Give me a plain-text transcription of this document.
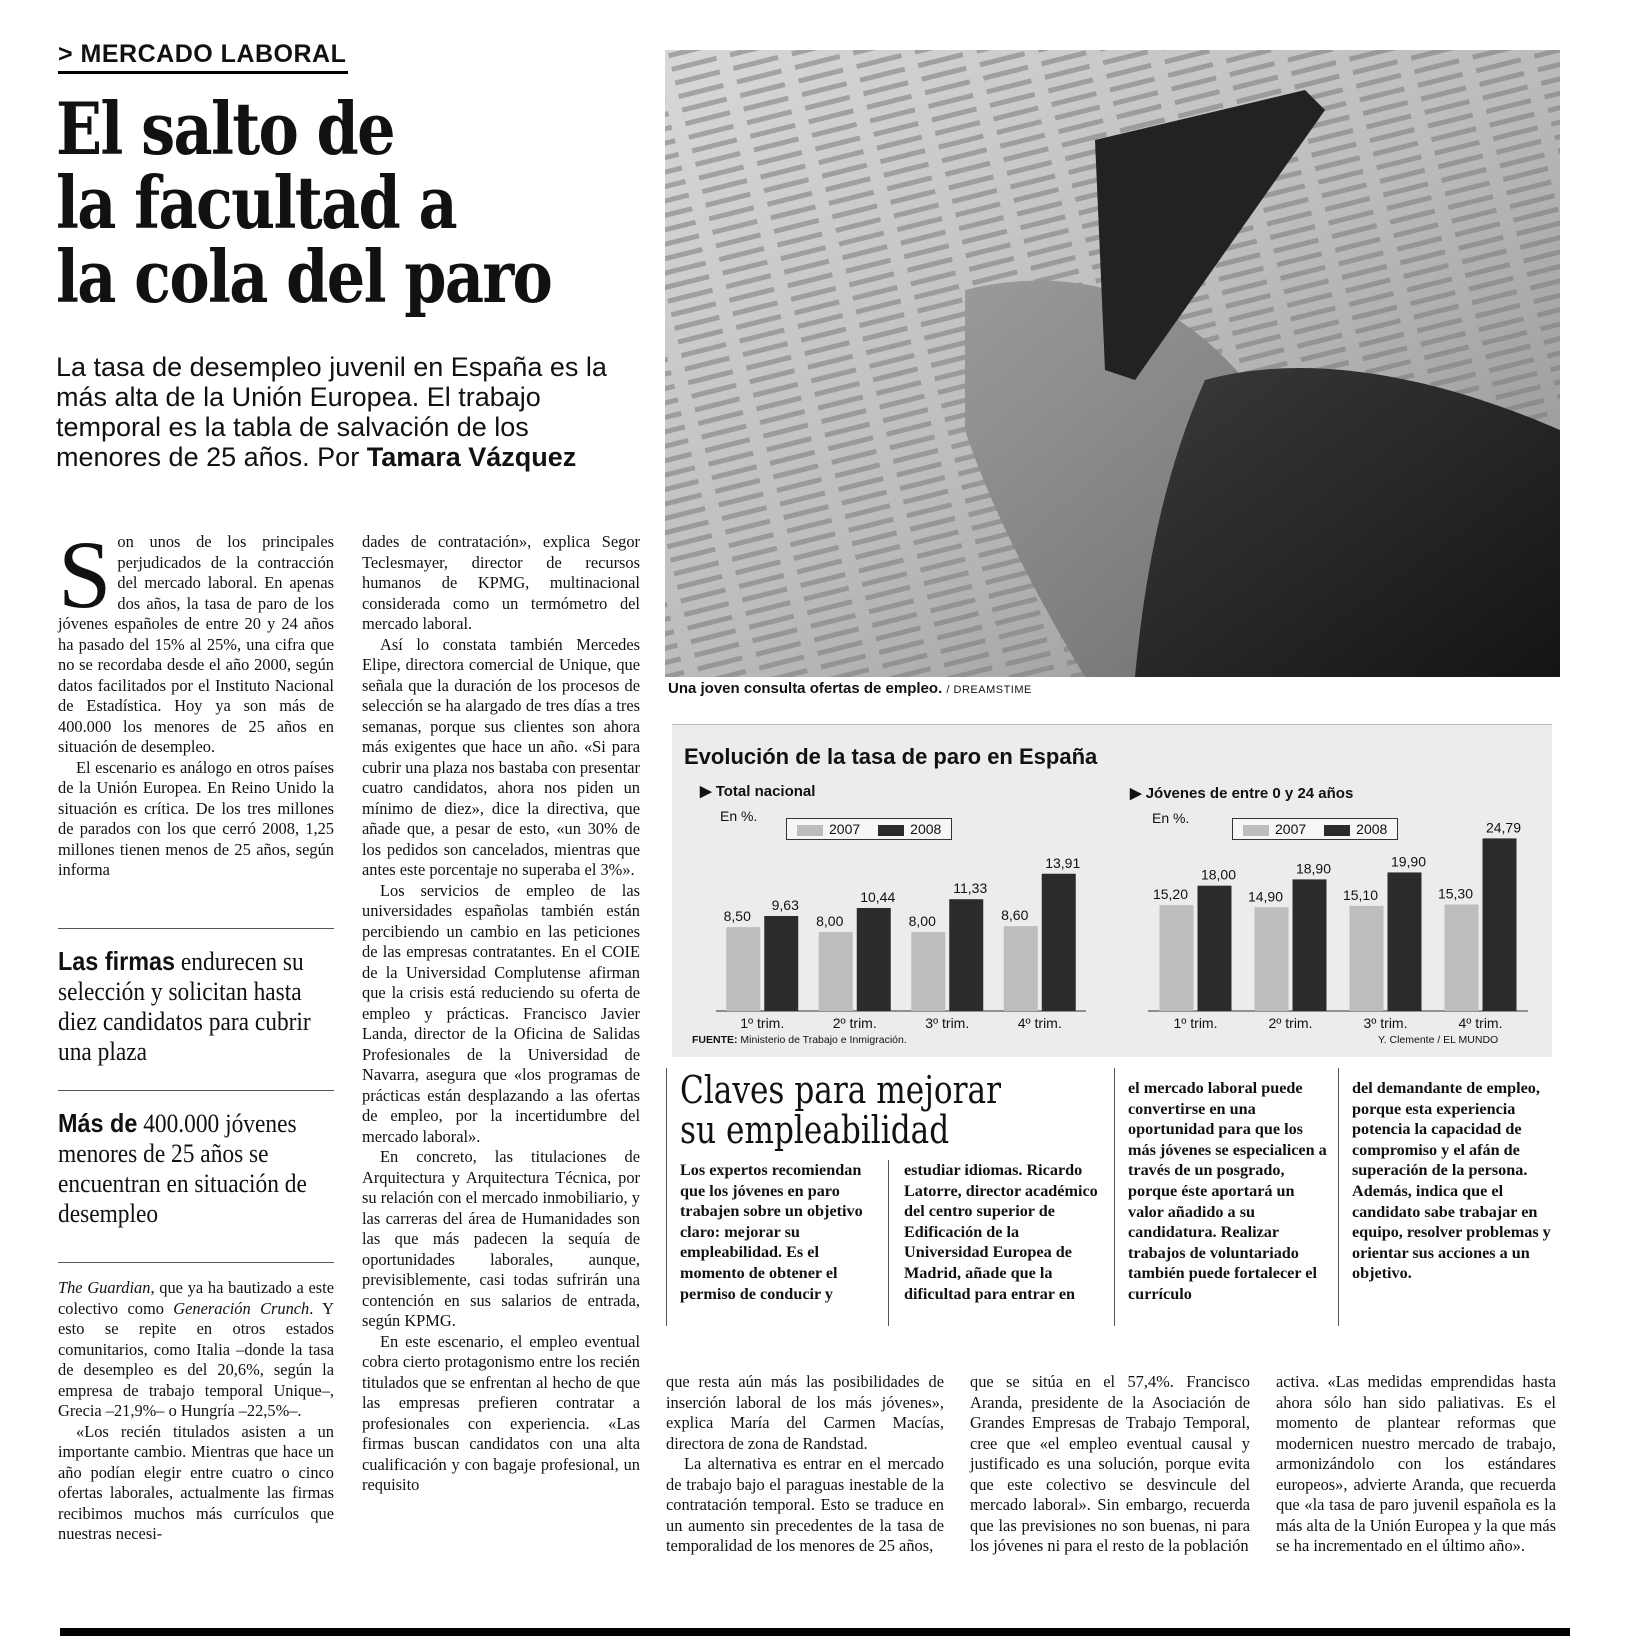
> MERCADO LABORAL
El salto de
la facultad a
la cola del paro
La tasa de desempleo juvenil en España es la más alta de la Unión Europea. El trabajo temporal es la tabla de salvación de los menores de 25 años. Por Tamara Vázquez

Son unos de los principales perjudicados de la contracción del mercado laboral. En apenas dos años, la tasa de paro de los jóvenes españoles de entre 20 y 24 años ha pasado del 15% al 25%, una cifra que no se recordaba desde el año 2000, según datos facilitados por el Instituto Nacional de Estadística. Hoy ya son más de 400.000 los menores de 25 años en situación de desempleo.

El escenario es análogo en otros países de la Unión Europea. En Reino Unido la situación es crítica. De los tres millones de parados con los que cerró 2008, 1,25 millones tienen menos de 25 años, según informa

Las firmas endurecen su selección y solicitan hasta diez candidatos para cubrir una plaza
Más de 400.000 jóvenes menores de 25 años se encuentran en situación de desempleo

The Guardian, que ya ha bautizado a este colectivo como Generación Crunch. Y esto se repite en otros estados comunitarios, como Italia –donde la tasa de desempleo es del 20,6%, según la empresa de trabajo temporal Unique–, Grecia –21,9%– o Hungría –22,5%–.

«Los recién titulados asisten a un importante cambio. Mientras que hace un año podían elegir entre cuatro o cinco ofertas laborales, actualmente las firmas recibimos muchos más currículos que nuestras necesi-

dades de contratación», explica Segor Teclesmayer, director de recursos humanos de KPMG, multinacional considerada como un termómetro del mercado laboral.

Así lo constata también Mercedes Elipe, directora comercial de Unique, que señala que la duración de los procesos de selección se ha alargado de tres días a tres semanas, porque sus clientes son ahora más exigentes que hace un año. «Si para cubrir una plaza nos bastaba con presentar cuatro candidatos, ahora nos piden un mínimo de diez», dice la directiva, que añade que, a pesar de esto, «un 30% de los pedidos son cancelados, mientras que antes este porcentaje no superaba el 3%».

Los servicios de empleo de las universidades españolas también están percibiendo un cambio en las peticiones de las empresas contratantes. En el COIE de la Universidad Complutense afirman que la crisis está reduciendo su oferta de empleo y prácticas. Francisco Javier Landa, director de la Oficina de Salidas Profesionales de la Universidad de Navarra, asegura que «los programas de prácticas están desplazando a las ofertas de empleo, por la incertidumbre del mercado laboral».

En concreto, las titulaciones de Arquitectura y Arquitectura Técnica, por su relación con el mercado inmobiliario, y las carreras del área de Humanidades son las que más padecen la sequía de oportunidades laborales, aunque, previsiblemente, casi todas sufrirán una contención en sus salarios de entrada, según KPMG.

En este escenario, el empleo eventual cobra cierto protagonismo entre los recién titulados que se enfrentan al hecho de que las empresas prefieren contratar a profesionales con experiencia. «Las firmas buscan candidatos con una alta cualificación y con bagaje profesional, un requisito

Una joven consulta ofertas de empleo. / DREAMSTIME
Evolución de la tasa de paro en España
▶ Total nacional
En %.
2007	2008
▶ Jóvenes de entre 0 y 24 años
En %.
2007	2008
8,50
9,63
1º trim.
8,00
10,44
2º trim.
8,00
11,33
3º trim.
8,60
13,91
4º trim.
15,20
18,00
1º trim.
14,90
18,90
2º trim.
15,10
19,90
3º trim.
15,30
24,79
4º trim.
FUENTE: Ministerio de Trabajo e Inmigración.	Y. Clemente / EL MUNDO
Claves para mejorar su empleabilidad
Los expertos recomiendan que los jóvenes en paro trabajen sobre un objetivo claro: mejorar su empleabilidad. Es el momento de obtener el permiso de conducir y
estudiar idiomas. Ricardo Latorre, director académico del centro superior de Edificación de la Universidad Europea de Madrid, añade que la dificultad para entrar en
el mercado laboral puede convertirse en una oportunidad para que los más jóvenes se especialicen a través de un posgrado, porque éste aportará un valor añadido a su candidatura. Realizar trabajos de voluntariado también puede fortalecer el currículo
del demandante de empleo, porque esta experiencia potencia la capacidad de compromiso y el afán de superación de la persona. Además, indica que el candidato sabe trabajar en equipo, resolver problemas y orientar sus acciones a un objetivo.

que resta aún más las posibilidades de inserción laboral de los más jóvenes», explica María del Carmen Macías, directora de zona de Randstad.

La alternativa es entrar en el mercado de trabajo bajo el paraguas inestable de la contratación temporal. Esto se traduce en un aumento sin precedentes de la tasa de temporalidad de los menores de 25 años,

que se sitúa en el 57,4%. Francisco Aranda, presidente de la Asociación de Grandes Empresas de Trabajo Temporal, cree que «el empleo eventual causal y justificado es una solución, porque evita que este colectivo se desvincule del mercado laboral». Sin embargo, recuerda que las previsiones no son buenas, ni para los jóvenes ni para el resto de la población

activa. «Las medidas emprendidas hasta ahora sólo han sido paliativas. Es el momento de plantear reformas que modernicen nuestro mercado de trabajo, armonizándolo con los estándares europeos», advierte Aranda, que recuerda que «la tasa de paro juvenil española es la más alta de la Unión Europea y la que más se ha incrementado en el último año».
